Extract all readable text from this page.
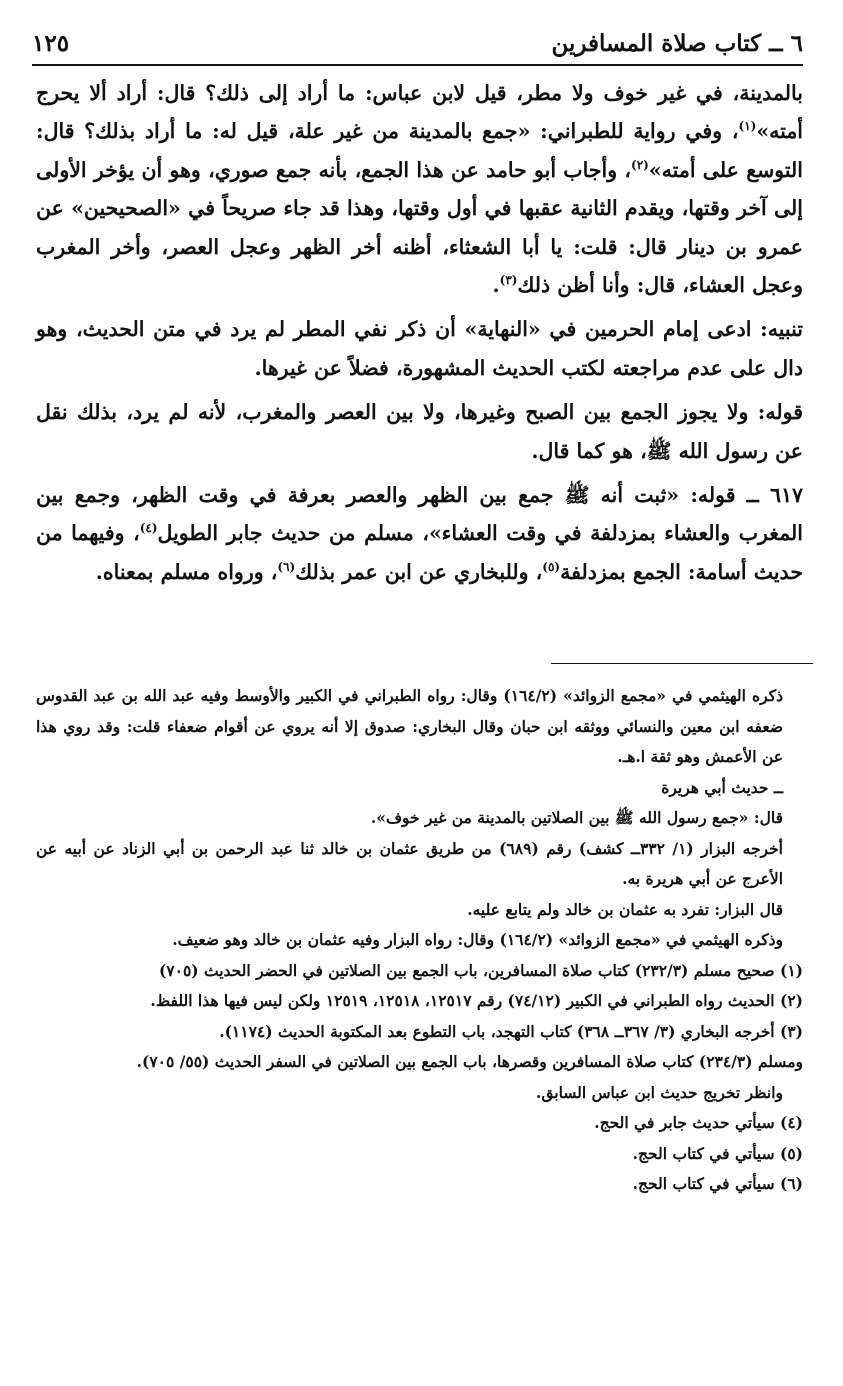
٦ ــ كتاب صلاة المسافرين
١٢٥

بالمدينة، في غير خوف ولا مطر، قيل لابن عباس: ما أراد إلى ذلك؟ قال: أراد ألا يحرج أمته»$^{(١)}$، وفي رواية للطبراني: «جمع بالمدينة من غير علة، قيل له: ما أراد بذلك؟ قال: التوسع على أمته»$^{(٢)}$، وأجاب أبو حامد عن هذا الجمع، بأنه جمع صوري، وهو أن يؤخر الأولى إلى آخر وقتها، ويقدم الثانية عقبها في أول وقتها، وهذا قد جاء صريحاً في «الصحيحين» عن عمرو بن دينار قال: قلت: يا أبا الشعثاء، أظنه أخر الظهر وعجل العصر، وأخر المغرب وعجل العشاء، قال: وأنا أظن ذلك$^{(٣)}$.

تنبيه: ادعى إمام الحرمين في «النهاية» أن ذكر نفي المطر لم يرد في متن الحديث، وهو دال على عدم مراجعته لكتب الحديث المشهورة، فضلاً عن غيرها.

قوله: ولا يجوز الجمع بين الصبح وغيرها، ولا بين العصر والمغرب، لأنه لم يرد، بذلك نقل عن رسول الله ﷺ، هو كما قال.

٦١٧ ــ قوله: «ثبت أنه ﷺ جمع بين الظهر والعصر بعرفة في وقت الظهر، وجمع بين المغرب والعشاء بمزدلفة في وقت العشاء»، مسلم من حديث جابر الطويل$^{(٤)}$، وفيهما من حديث أسامة: الجمع بمزدلفة$^{(٥)}$، وللبخاري عن ابن عمر بذلك$^{(٦)}$، ورواه مسلم بمعناه.

ذكره الهيثمي في «مجمع الزوائد» (١٦٤/٢) وقال: رواه الطبراني في الكبير والأوسط وفيه عبد الله بن عبد القدوس ضعفه ابن معين والنسائي ووثقه ابن حبان وقال البخاري: صدوق إلا أنه يروي عن أقوام ضعفاء قلت: وقد روي هذا عن الأعمش وهو ثقة ا.هـ.

ــ حديث أبي هريرة

قال: «جمع رسول الله ﷺ بين الصلاتين بالمدينة من غير خوف».

أخرجه البزار (١/ ٣٣٢ــ كشف) رقم (٦٨٩) من طريق عثمان بن خالد ثنا عبد الرحمن بن أبي الزناد عن أبيه عن الأعرج عن أبي هريرة به.

قال البزار: تفرد به عثمان بن خالد ولم يتابع عليه.

وذكره الهيثمي في «مجمع الزوائد» (١٦٤/٢) وقال: رواه البزار وفيه عثمان بن خالد وهو ضعيف.

(١) صحيح مسلم (٢٣٢/٣) كتاب صلاة المسافرين، باب الجمع بين الصلاتين في الحضر الحديث (٧٠٥)

(٢) الحديث رواه الطبراني في الكبير (٧٤/١٢) رقم ١٢٥١٧، ١٢٥١٨، ١٢٥١٩ ولكن ليس فيها هذا اللفظ.

(٣) أخرجه البخاري (٣/ ٣٦٧ــ ٣٦٨) كتاب التهجد، باب التطوع بعد المكتوبة الحديث (١١٧٤).

ومسلم (٢٣٤/٣) كتاب صلاة المسافرين وقصرها، باب الجمع بين الصلاتين في السفر الحديث (٥٥/ ٧٠٥).

وانظر تخريج حديث ابن عباس السابق.

(٤) سيأتي حديث جابر في الحج.

(٥) سيأتي في كتاب الحج.

(٦) سيأتي في كتاب الحج.
